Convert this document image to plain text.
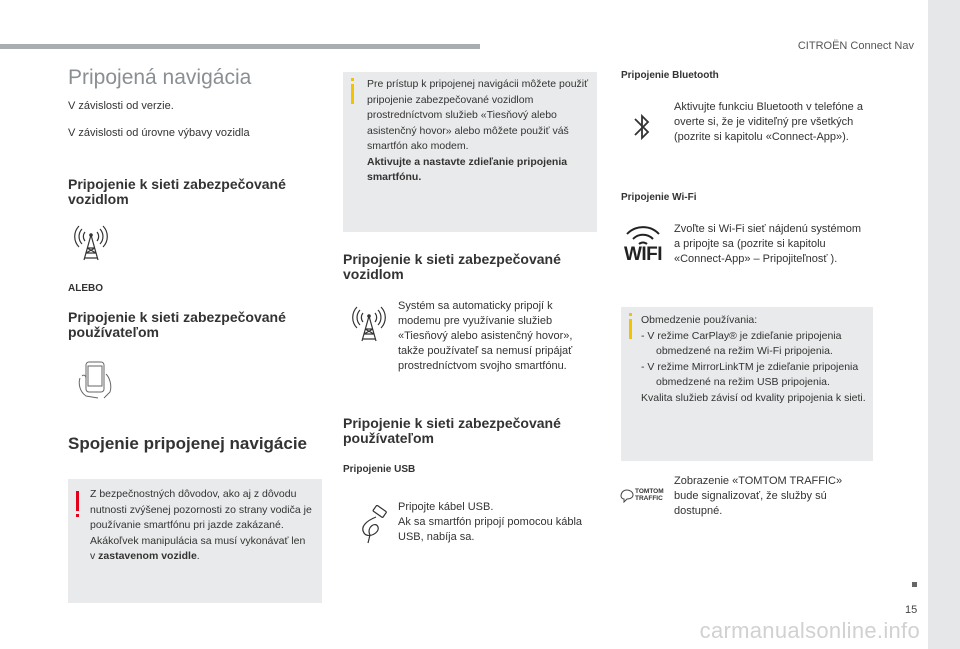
CITROËN Connect Nav
Pripojená navigácia
V závislosti od verzie.
V závislosti od úrovne výbavy vozidla
Pripojenie k sieti zabezpečované vozidlom
ALEBO
Pripojenie k sieti zabezpečované používateľom
Spojenie pripojenej navigácie
Z bezpečnostných dôvodov, ako aj z dôvodu nutnosti zvýšenej pozornosti zo strany vodiča je používanie smartfónu pri jazde zakázané.
Akákoľvek manipulácia sa musí vykonávať len v zastavenom vozidle.
Pre prístup k pripojenej navigácii môžete použiť pripojenie zabezpečované vozidlom prostredníctvom služieb «Tiesňový alebo asistenčný hovor» alebo môžete použiť váš smartfón ako modem.
Aktivujte a nastavte zdieľanie pripojenia smartfónu.
Pripojenie k sieti zabezpečované vozidlom
Systém sa automaticky pripojí k modemu pre využívanie služieb «Tiesňový alebo asistenčný hovor», takže používateľ sa nemusí pripájať prostredníctvom svojho smartfónu.
Pripojenie k sieti zabezpečované používateľom
Pripojenie USB
Pripojte kábel USB.
Ak sa smartfón pripojí pomocou kábla USB, nabíja sa.
Pripojenie Bluetooth
Aktivujte funkciu Bluetooth v telefóne a overte si, že je viditeľný pre všetkých (pozrite si kapitolu «Connect-App»).
Pripojenie Wi-Fi
WIFI
Zvoľte si Wi-Fi sieť nájdenú systémom a pripojte sa (pozrite si kapitolu «Connect-App» – Pripojiteľnosť ).
Obmedzenie používania:
- V režime CarPlay® je zdieľanie pripojenia obmedzené na režim Wi-Fi pripojenia.
- V režime MirrorLinkTM je zdieľanie pripojenia obmedzené na režim USB pripojenia.
Kvalita služieb závisí od kvality pripojenia k sieti.
TOMTOM
TRAFFIC
Zobrazenie «TOMTOM TRAFFIC» bude signalizovať, že služby sú dostupné.
15
carmanualsonline.info
